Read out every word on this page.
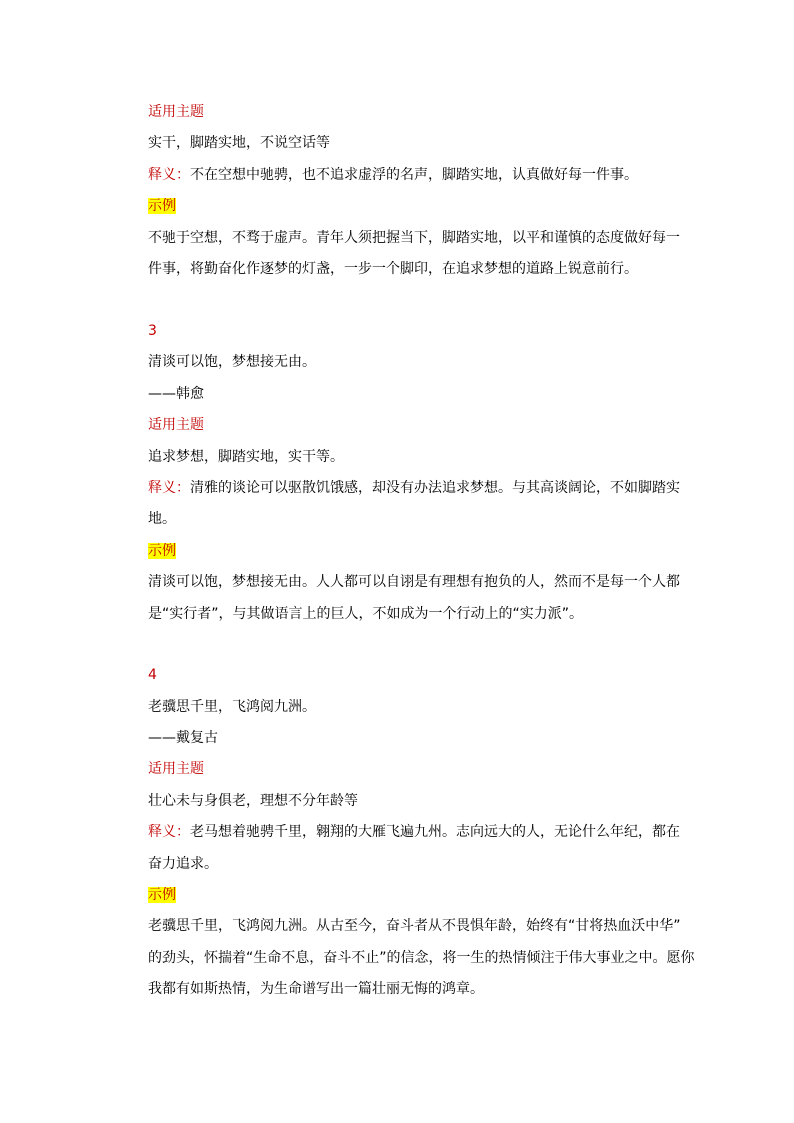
适用主题
实干，脚踏实地，不说空话等
释义：不在空想中驰骋，也不追求虚浮的名声，脚踏实地，认真做好每一件事。
示例
不驰于空想，不骛于虚声。青年人须把握当下，脚踏实地，以平和谨慎的态度做好每一
件事，将勤奋化作逐梦的灯盏，一步一个脚印，在追求梦想的道路上锐意前行。
3
清谈可以饱，梦想接无由。
——韩愈
适用主题
追求梦想，脚踏实地，实干等。
释义：清雅的谈论可以驱散饥饿感，却没有办法追求梦想。与其高谈阔论，不如脚踏实
地。
示例
清谈可以饱，梦想接无由。人人都可以自诩是有理想有抱负的人，然而不是每一个人都
是“实行者”，与其做语言上的巨人，不如成为一个行动上的“实力派”。
4
老骥思千里，飞鸿阅九洲。
——戴复古
适用主题
壮心未与身俱老，理想不分年龄等
释义：老马想着驰骋千里，翱翔的大雁飞遍九州。志向远大的人，无论什么年纪，都在
奋力追求。
示例
老骥思千里，飞鸿阅九洲。从古至今，奋斗者从不畏惧年龄，始终有“甘将热血沃中华”
的劲头，怀揣着“生命不息，奋斗不止”的信念，将一生的热情倾注于伟大事业之中。愿你
我都有如斯热情，为生命谱写出一篇壮丽无悔的鸿章。
